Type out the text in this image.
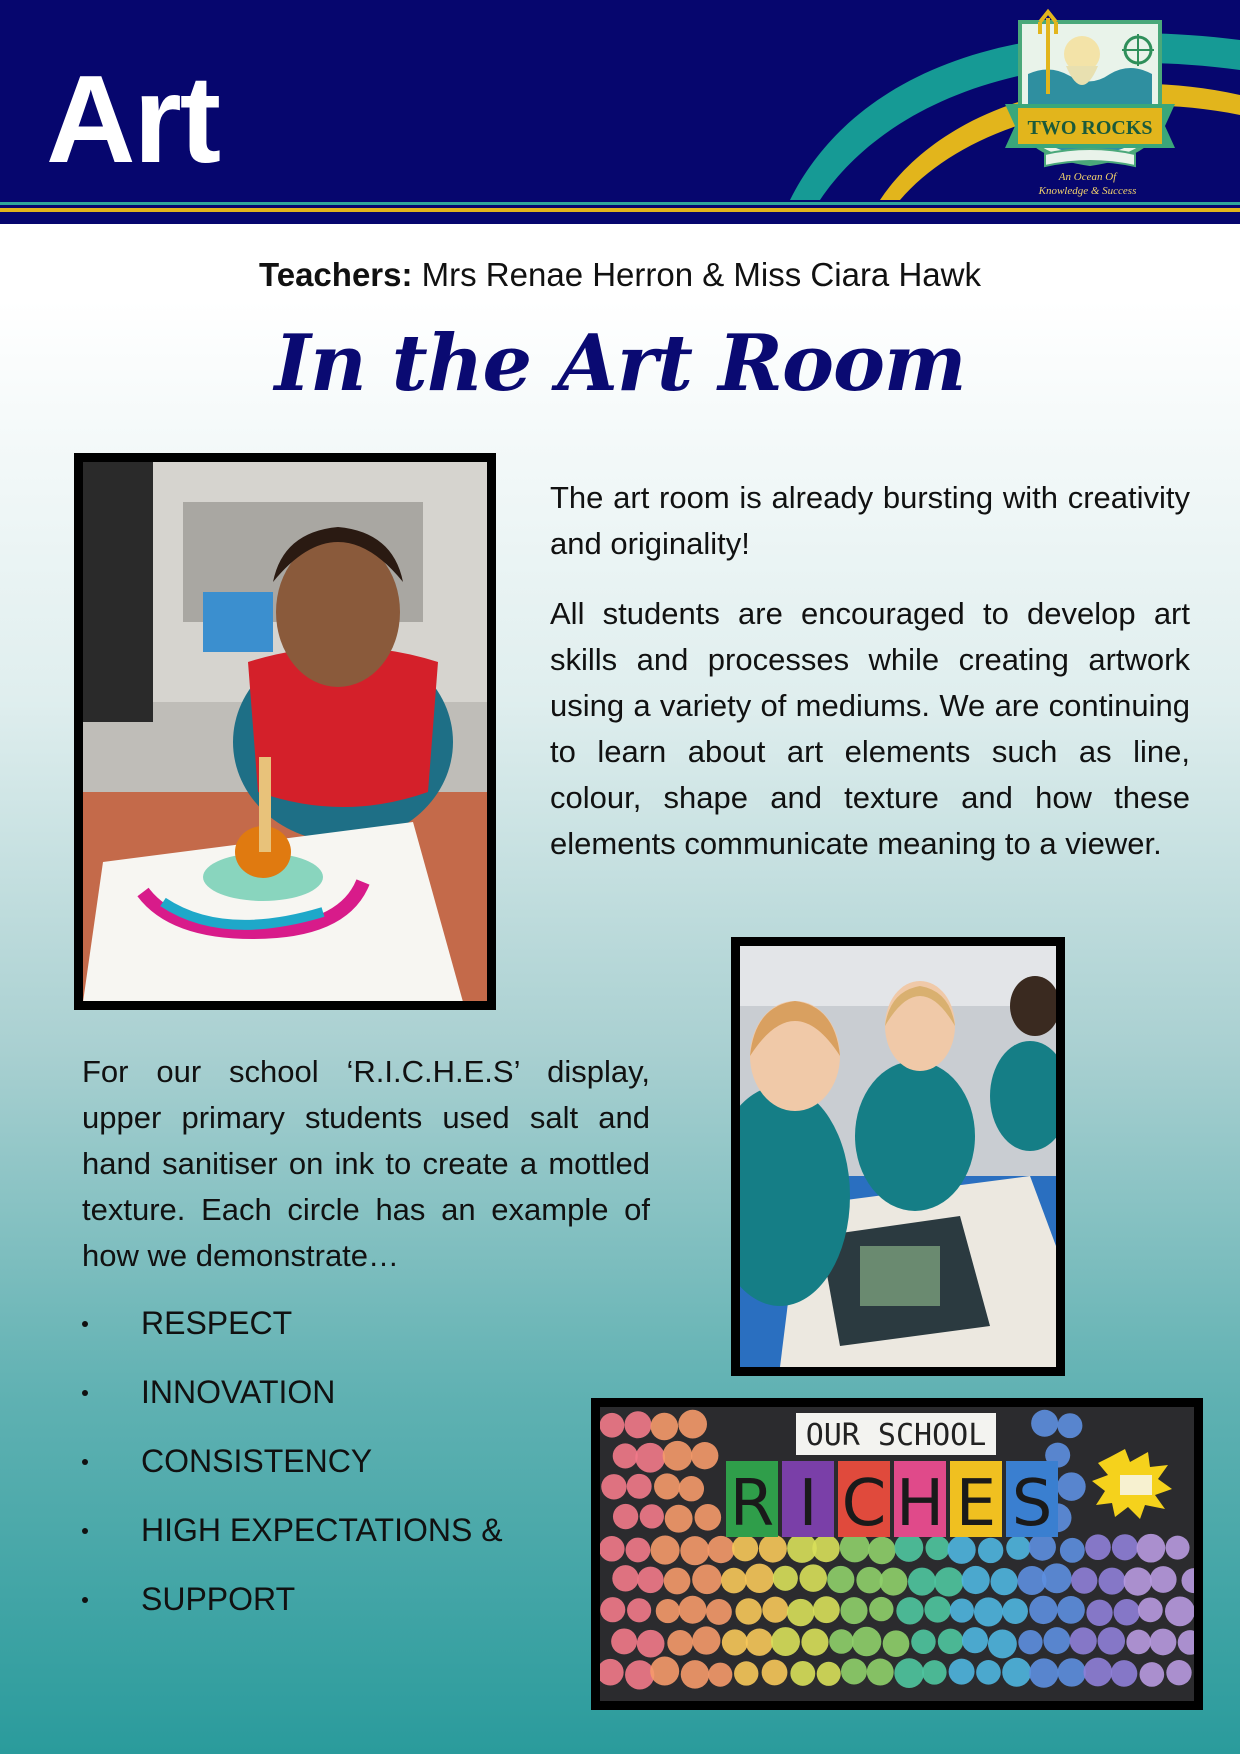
Art	TWO ROCKS
An Ocean Of
Knowledge & Success
Teachers: Mrs Renae Herron & Miss Ciara Hawk
In the Art Room

The art room is already bursting with creativity and originality!

All students are encouraged to develop art skills and processes while creating artwork using a variety of mediums. We are continuing to learn about art elements such as line, colour, shape and texture and how these elements communicate meaning to a viewer.

For our school ‘R.I.C.H.E.S’ display, upper primary students used salt and hand sanitiser on ink to create a mottled texture. Each circle has an example of how we demonstrate…

RESPECT
INNOVATION
CONSISTENCY
HIGH EXPECTATIONS &
SUPPORT
OUR SCHOOL
R I C H E S
